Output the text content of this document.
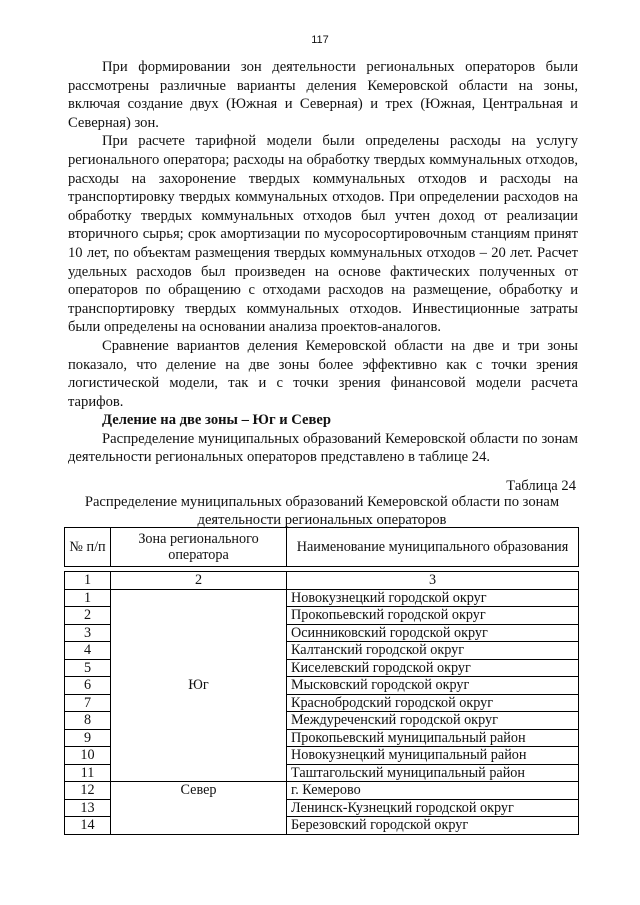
117

При формировании зон деятельности региональных операторов были рассмотрены различные варианты деления Кемеровской области на зоны, включая создание двух (Южная и Северная) и трех (Южная, Центральная и Северная) зон.

При расчете тарифной модели были определены расходы на услугу регионального оператора; расходы на обработку твердых коммунальных отходов, расходы на захоронение твердых коммунальных отходов и расходы на транспортировку твердых коммунальных отходов. При определении расходов на обработку твердых коммунальных отходов был учтен доход от реализации вторичного сырья; срок амортизации по мусоросортировочным станциям принят 10 лет, по объектам размещения твердых коммунальных отходов – 20 лет. Расчет удельных расходов был произведен на основе фактических полученных от операторов по обращению с отходами расходов на размещение, обработку и транспортировку твердых коммунальных отходов. Инвестиционные затраты были определены на основании анализа проектов-аналогов.

Сравнение вариантов деления Кемеровской области на две и три зоны показало, что деление на две зоны более эффективно как с точки зрения логистической модели, так и с точки зрения финансовой модели расчета тарифов.

Деление на две зоны – Юг и Север

Распределение муниципальных образований Кемеровской области по зонам деятельности региональных операторов представлено в таблице 24.

Таблица 24
Распределение муниципальных образований Кемеровской области по зонам деятельности региональных операторов
№ п/п	Зона регионального оператора	Наименование муниципального образования

1	2	3
1	Юг	Новокузнецкий городской округ
2		Прокопьевский городской округ
3		Осинниковский городской округ
4		Калтанский городской округ
5		Киселевский городской округ
6		Мысковский городской округ
7		Краснобродский городской округ
8		Междуреченский городской округ
9		Прокопьевский муниципальный район
10		Новокузнецкий муниципальный район
11		Таштагольский муниципальный район
12	Север	г. Кемерово
13		Ленинск-Кузнецкий городской округ
14		Березовский городской округ
